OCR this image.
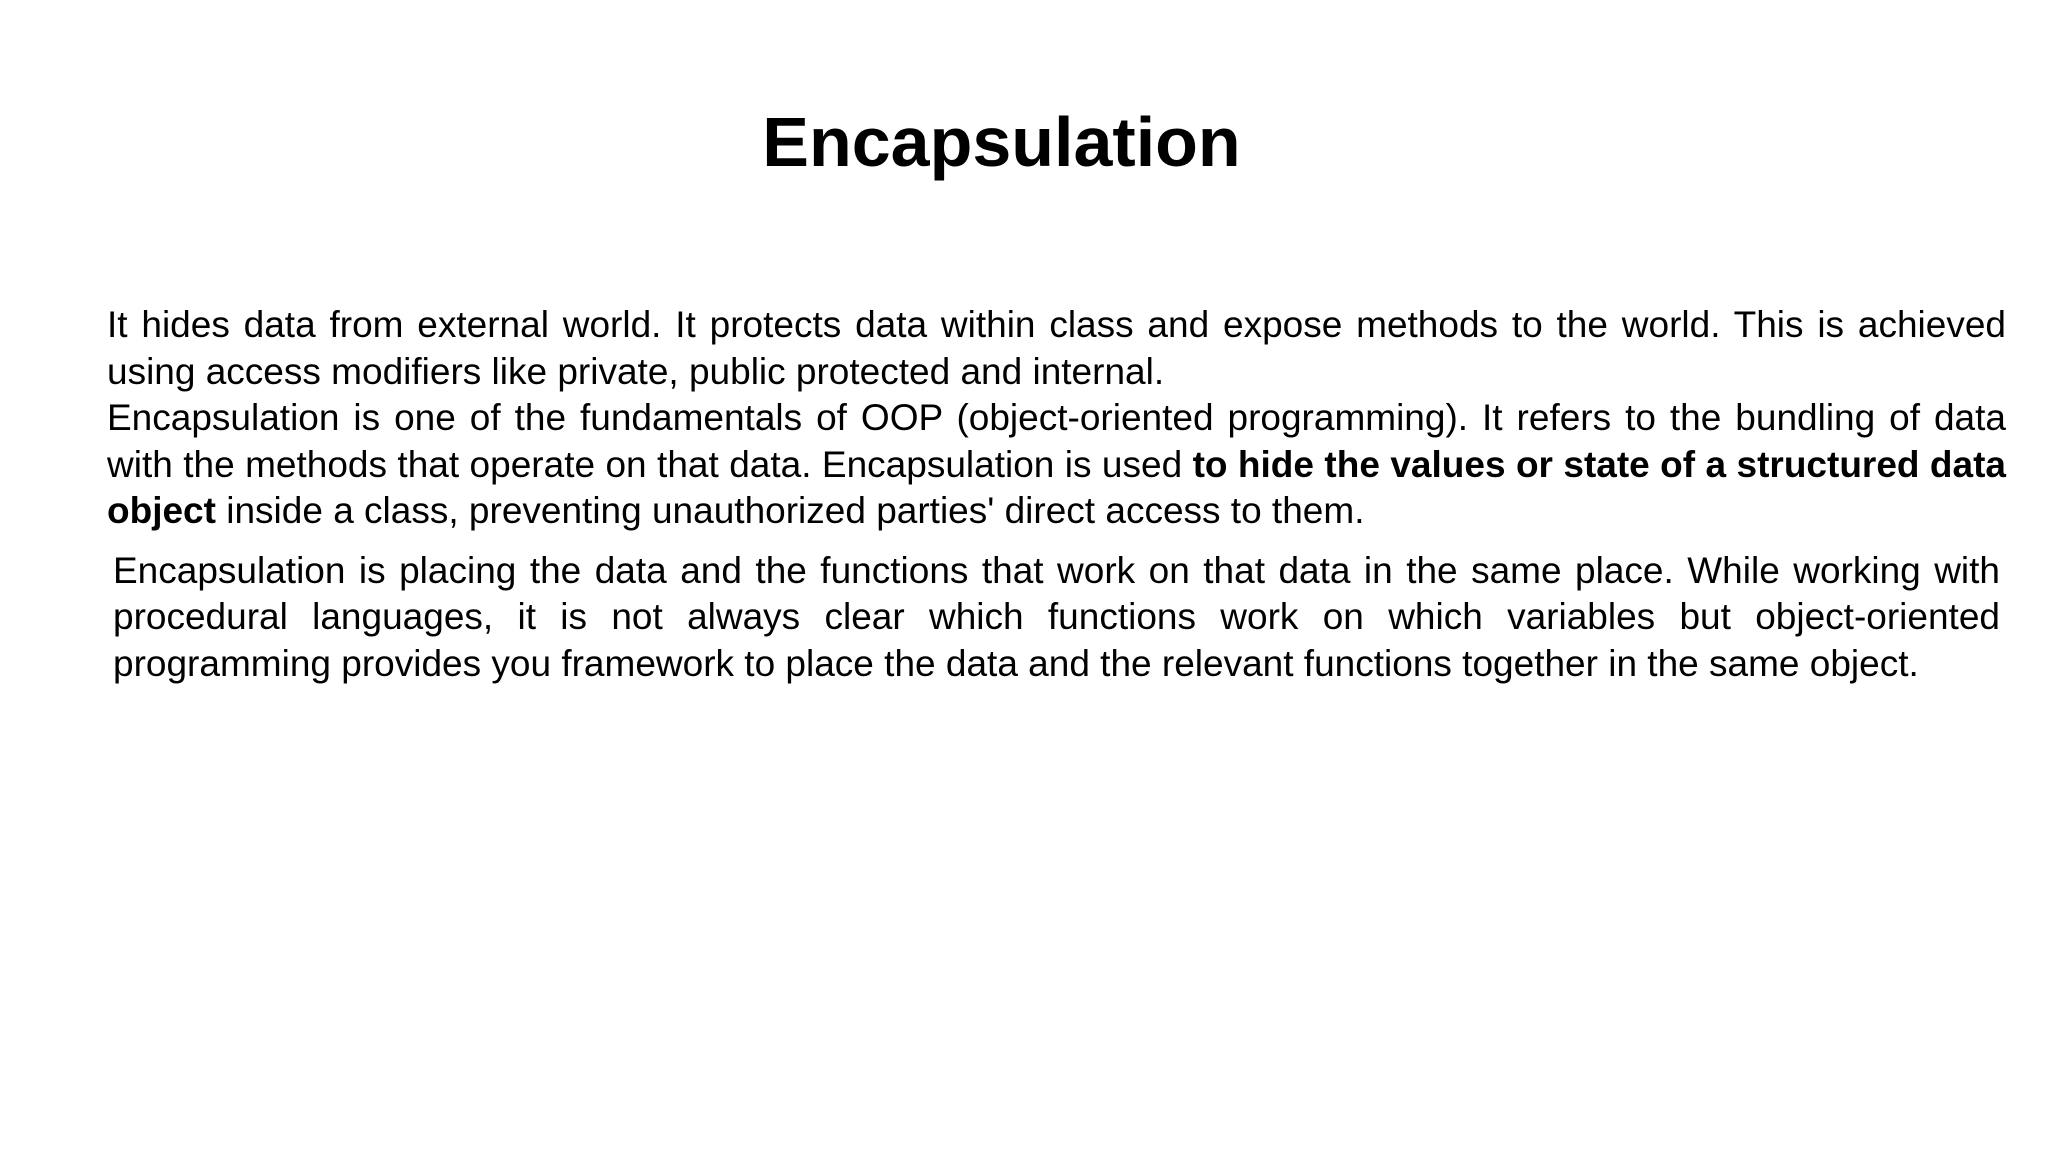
Encapsulation

It hides data from external world. It protects data within class and expose methods to the world. This is achieved using access modifiers like private, public protected and internal.

Encapsulation is one of the fundamentals of OOP (object-oriented programming). It refers to the bundling of data with the methods that operate on that data. Encapsulation is used to hide the values or state of a structured data object inside a class, preventing unauthorized parties' direct access to them.

Encapsulation is placing the data and the functions that work on that data in the same place. While working with procedural languages, it is not always clear which functions work on which variables but object-oriented programming provides you framework to place the data and the relevant functions together in the same object.
